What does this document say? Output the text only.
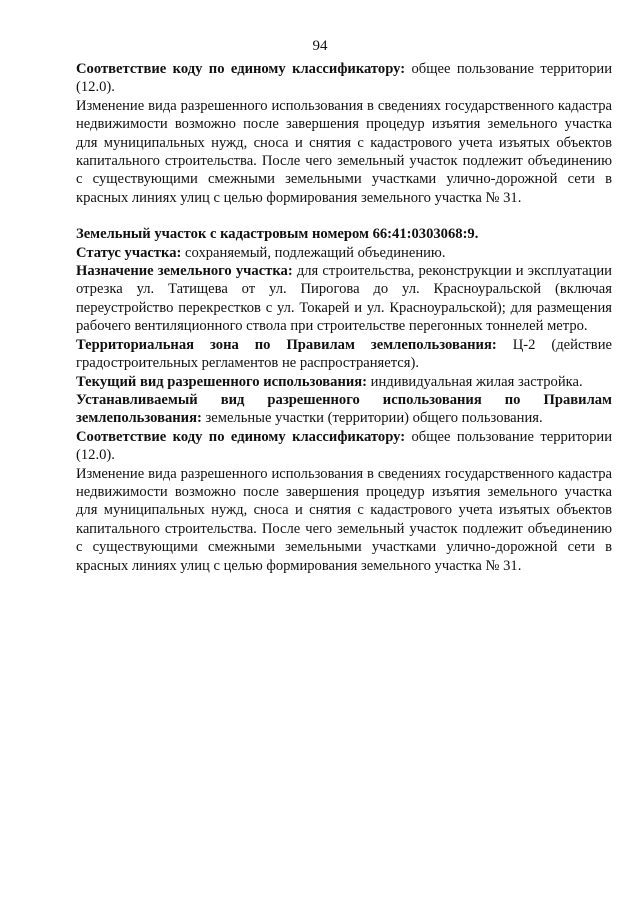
94

Соответствие коду по единому классификатору: общее пользование территории (12.0).

Изменение вида разрешенного использования в сведениях государственного кадастра недвижимости возможно после завершения процедур изъятия земельного участка для муниципальных нужд, сноса и снятия с кадастрового учета изъятых объектов капитального строительства. После чего земельный участок подлежит объединению с существующими смежными земельными участками улично-дорожной сети в красных линиях улиц с целью формирования земельного участка № 31.

Земельный участок с кадастровым номером 66:41:0303068:9.

Статус участка: сохраняемый, подлежащий объединению.

Назначение земельного участка: для строительства, реконструкции и эксплуатации отрезка ул. Татищева от ул. Пирогова до ул. Красноуральской (включая переустройство перекрестков с ул. Токарей и ул. Красноуральской); для размещения рабочего вентиляционного ствола при строительстве перегонных тоннелей метро.

Территориальная зона по Правилам землепользования: Ц-2 (действие градостроительных регламентов не распространяется).

Текущий вид разрешенного использования: индивидуальная жилая застройка.

Устанавливаемый вид разрешенного использования по Правилам землепользования: земельные участки (территории) общего пользования.

Соответствие коду по единому классификатору: общее пользование территории (12.0).

Изменение вида разрешенного использования в сведениях государственного кадастра недвижимости возможно после завершения процедур изъятия земельного участка для муниципальных нужд, сноса и снятия с кадастрового учета изъятых объектов капитального строительства. После чего земельный участок подлежит объединению с существующими смежными земельными участками улично-дорожной сети в красных линиях улиц с целью формирования земельного участка № 31.
